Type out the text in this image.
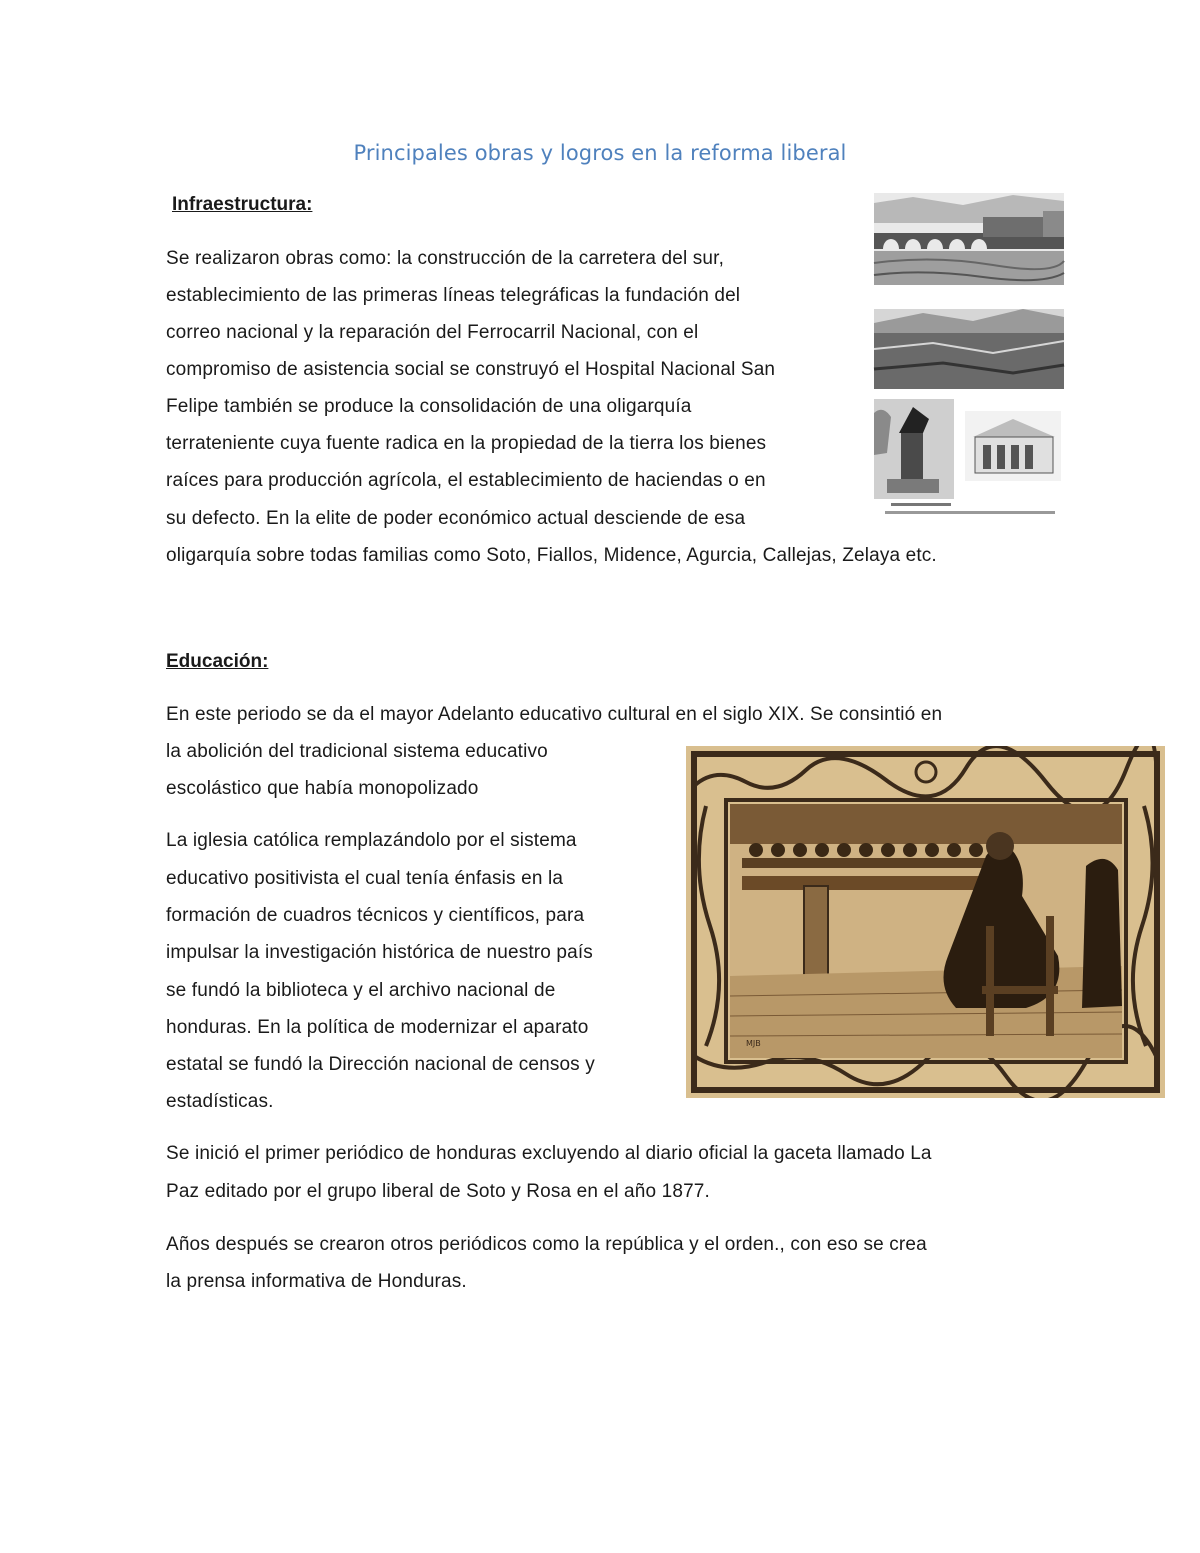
Principales obras y logros en la reforma liberal
Infraestructura:
Se realizaron obras como: la construcción de la carretera del sur,
establecimiento de las primeras líneas telegráficas la fundación del
correo nacional y la reparación del Ferrocarril Nacional, con el
compromiso de asistencia social se construyó el Hospital Nacional San
Felipe también se produce la consolidación de una oligarquía
terrateniente cuya fuente radica en la propiedad de la tierra los bienes
raíces para producción agrícola, el establecimiento de haciendas o en
su defecto. En la elite de poder económico actual desciende de esa
oligarquía sobre todas familias como Soto, Fiallos, Midence, Agurcia, Callejas, Zelaya etc.
Educación:
En este periodo se da el mayor Adelanto educativo cultural en el siglo XIX. Se consintió en
la abolición del tradicional sistema educativo
escolástico que había monopolizado
La iglesia católica remplazándolo por el sistema
educativo positivista el cual tenía énfasis en la
formación de cuadros técnicos y científicos, para
impulsar la investigación histórica de nuestro país
se fundó la biblioteca y el archivo nacional de
honduras. En la política de modernizar el aparato
estatal se fundó la Dirección nacional de censos y
estadísticas.
MJB
Se inició el primer periódico de honduras excluyendo al diario oficial la gaceta llamado La
Paz editado por el grupo liberal de Soto y Rosa en el año 1877.
Años después se crearon otros periódicos como la república y el orden., con eso se crea
la prensa informativa de Honduras.
